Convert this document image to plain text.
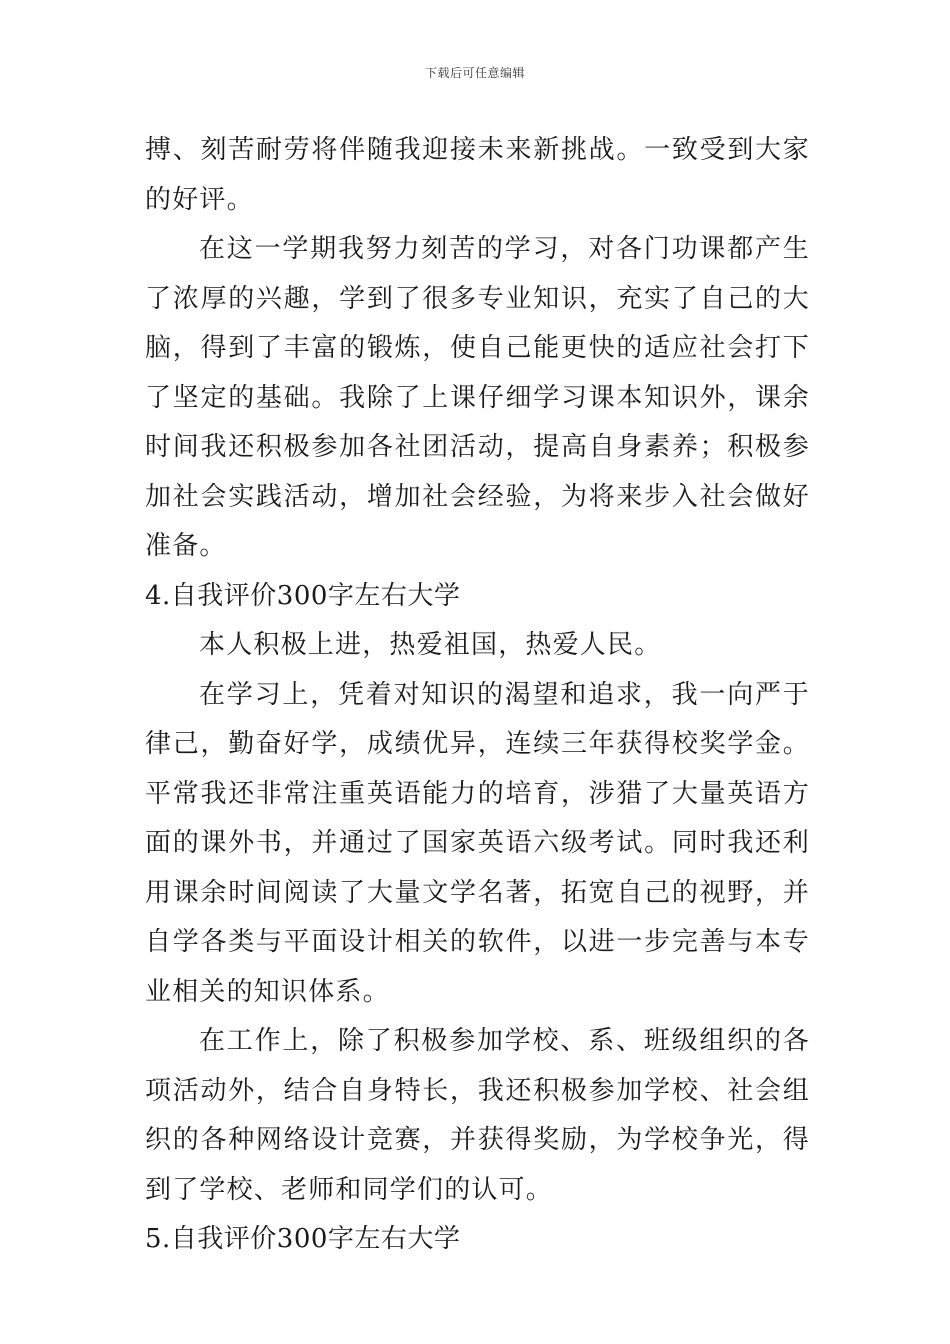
下载后可任意编辑

搏、刻苦耐劳将伴随我迎接未来新挑战。一致受到大家的好评。

在这一学期我努力刻苦的学习，对各门功课都产生了浓厚的兴趣，学到了很多专业知识，充实了自己的大脑，得到了丰富的锻炼，使自己能更快的适应社会打下了坚定的基础。我除了上课仔细学习课本知识外，课余时间我还积极参加各社团活动，提高自身素养；积极参加社会实践活动，增加社会经验，为将来步入社会做好准备。

4.自我评价300字左右大学

本人积极上进，热爱祖国，热爱人民。

在学习上，凭着对知识的渴望和追求，我一向严于律己，勤奋好学，成绩优异，连续三年获得校奖学金。平常我还非常注重英语能力的培育，涉猎了大量英语方面的课外书，并通过了国家英语六级考试。同时我还利用课余时间阅读了大量文学名著，拓宽自己的视野，并自学各类与平面设计相关的软件，以进一步完善与本专业相关的知识体系。

在工作上，除了积极参加学校、系、班级组织的各项活动外，结合自身特长，我还积极参加学校、社会组织的各种网络设计竞赛，并获得奖励，为学校争光，得到了学校、老师和同学们的认可。

5.自我评价300字左右大学
